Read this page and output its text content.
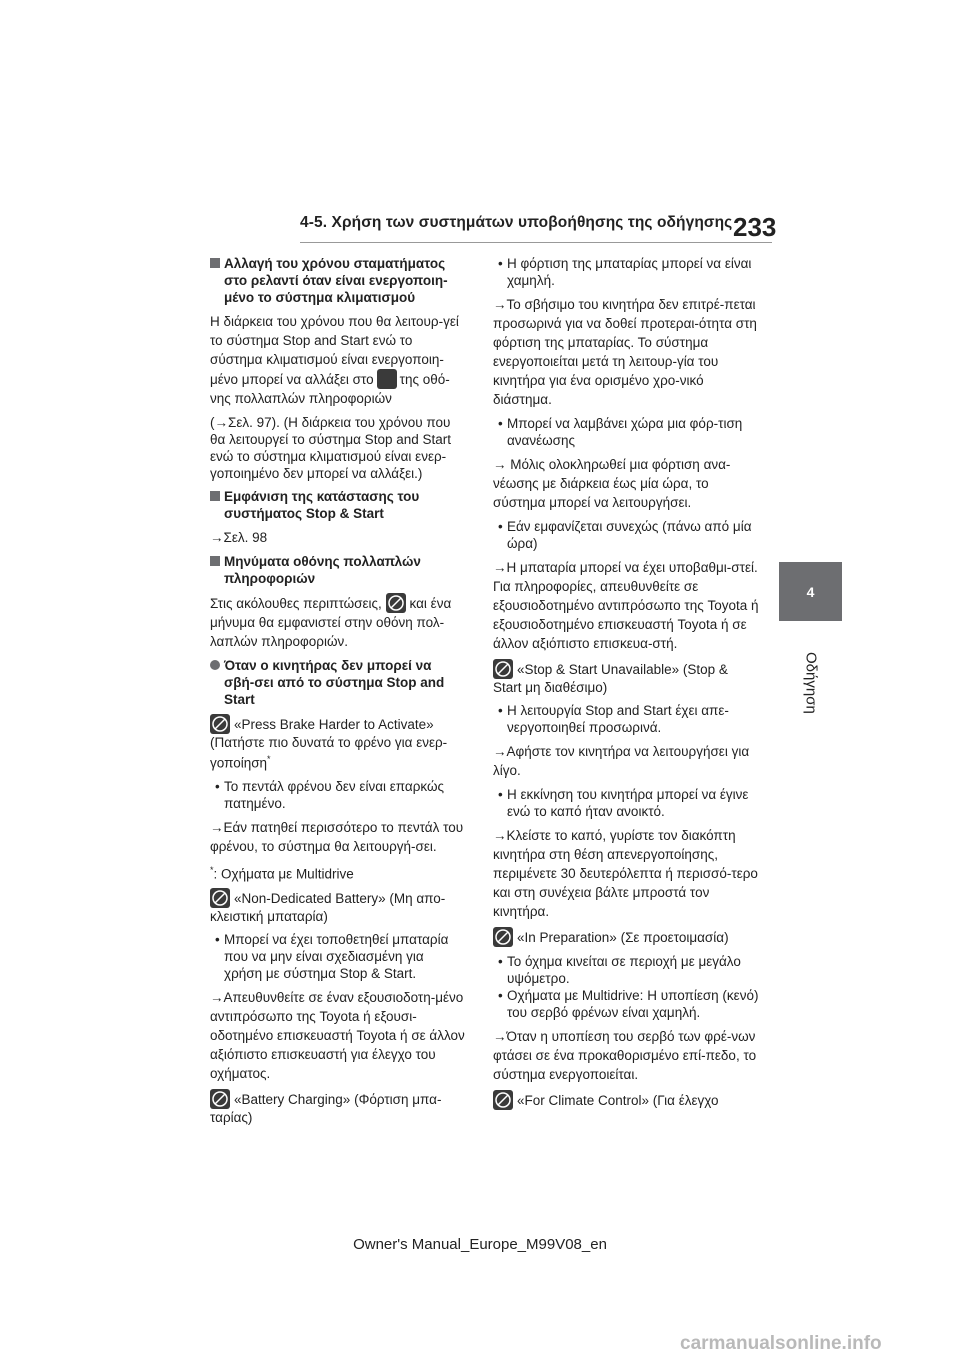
4-5. Χρήση των συστημάτων υποβοήθησης της οδήγησης 233
4
Οδήγηση
Αλλαγή του χρόνου σταματήματος στο ρελαντί όταν είναι ενεργοποιη-μένο το σύστημα κλιματισμού

Η διάρκεια του χρόνου που θα λειτουρ-γεί το σύστημα Stop and Start ενώ το σύστημα κλιματισμού είναι ενεργοποιη-μένο μπορεί να αλλάξει στο της οθό-νης πολλαπλών πληροφοριών

(→Σελ. 97). (Η διάρκεια του χρόνου που θα λειτουργεί το σύστημα Stop and Start ενώ το σύστημα κλιματισμού είναι ενερ-γοποιημένο δεν μπορεί να αλλάξει.)

Εμφάνιση της κατάστασης του συστήματος Stop & Start

→Σελ. 98

Μηνύματα οθόνης πολλαπλών πληροφοριών

Στις ακόλουθες περιπτώσεις, και ένα μήνυμα θα εμφανιστεί στην οθόνη πολ-λαπλών πληροφοριών.

Όταν ο κινητήρας δεν μπορεί να σβή-σει από το σύστημα Stop and Start

«Press Brake Harder to Activate» (Πατήστε πιο δυνατά το φρένο για ενερ-γοποίηση*

• Το πεντάλ φρένου δεν είναι επαρκώς πατημένο.

→Εάν πατηθεί περισσότερο το πεντάλ του φρένου, το σύστημα θα λειτουργή-σει.

*: Οχήματα με Multidrive

«Non-Dedicated Battery» (Μη απο-κλειστική μπαταρία)

• Μπορεί να έχει τοποθετηθεί μπαταρία που να μην είναι σχεδιασμένη για χρήση με σύστημα Stop & Start.

→Απευθυνθείτε σε έναν εξουσιοδοτη-μένο αντιπρόσωπο της Toyota ή εξουσι-οδοτημένο επισκευαστή Toyota ή σε άλλον αξιόπιστο επισκευαστή για έλεγχο του οχήματος.

«Battery Charging» (Φόρτιση μπα-ταρίας)

• Η φόρτιση της μπαταρίας μπορεί να είναι χαμηλή.

→Το σβήσιμο του κινητήρα δεν επιτρέ-πεται προσωρινά για να δοθεί προτεραι-ότητα στη φόρτιση της μπαταρίας. Το σύστημα ενεργοποιείται μετά τη λειτουρ-γία του κινητήρα για ένα ορισμένο χρο-νικό διάστημα.

• Μπορεί να λαμβάνει χώρα μια φόρ-τιση ανανέωσης

→ Μόλις ολοκληρωθεί μια φόρτιση ανα-νέωσης με διάρκεια έως μία ώρα, το σύστημα μπορεί να λειτουργήσει.

• Εάν εμφανίζεται συνεχώς (πάνω από μία ώρα)

→Η μπαταρία μπορεί να έχει υποβαθμι-στεί. Για πληροφορίες, απευθυνθείτε σε εξουσιοδοτημένο αντιπρόσωπο της Toyota ή εξουσιοδοτημένο επισκευαστή Toyota ή σε άλλον αξιόπιστο επισκευα-στή.

«Stop & Start Unavailable» (Stop & Start μη διαθέσιμο)

• Η λειτουργία Stop and Start έχει απε-νεργοποιηθεί προσωρινά.

→Αφήστε τον κινητήρα να λειτουργήσει για λίγο.

• Η εκκίνηση του κινητήρα μπορεί να έγινε ενώ το καπό ήταν ανοικτό.

→Κλείστε το καπό, γυρίστε τον διακόπτη κινητήρα στη θέση απενεργοποίησης, περιμένετε 30 δευτερόλεπτα ή περισσό-τερο και στη συνέχεια βάλτε μπροστά τον κινητήρα.

«In Preparation» (Σε προετοιμασία)

• Το όχημα κινείται σε περιοχή με μεγάλο υψόμετρο.

• Οχήματα με Multidrive: Η υποπίεση (κενό) του σερβό φρένων είναι χαμηλή.

→Όταν η υποπίεση του σερβό των φρέ-νων φτάσει σε ένα προκαθορισμένο επί-πεδο, το σύστημα ενεργοποιείται.

«For Climate Control» (Για έλεγχο

Owner's Manual_Europe_M99V08_en
carmanualsonline.info
